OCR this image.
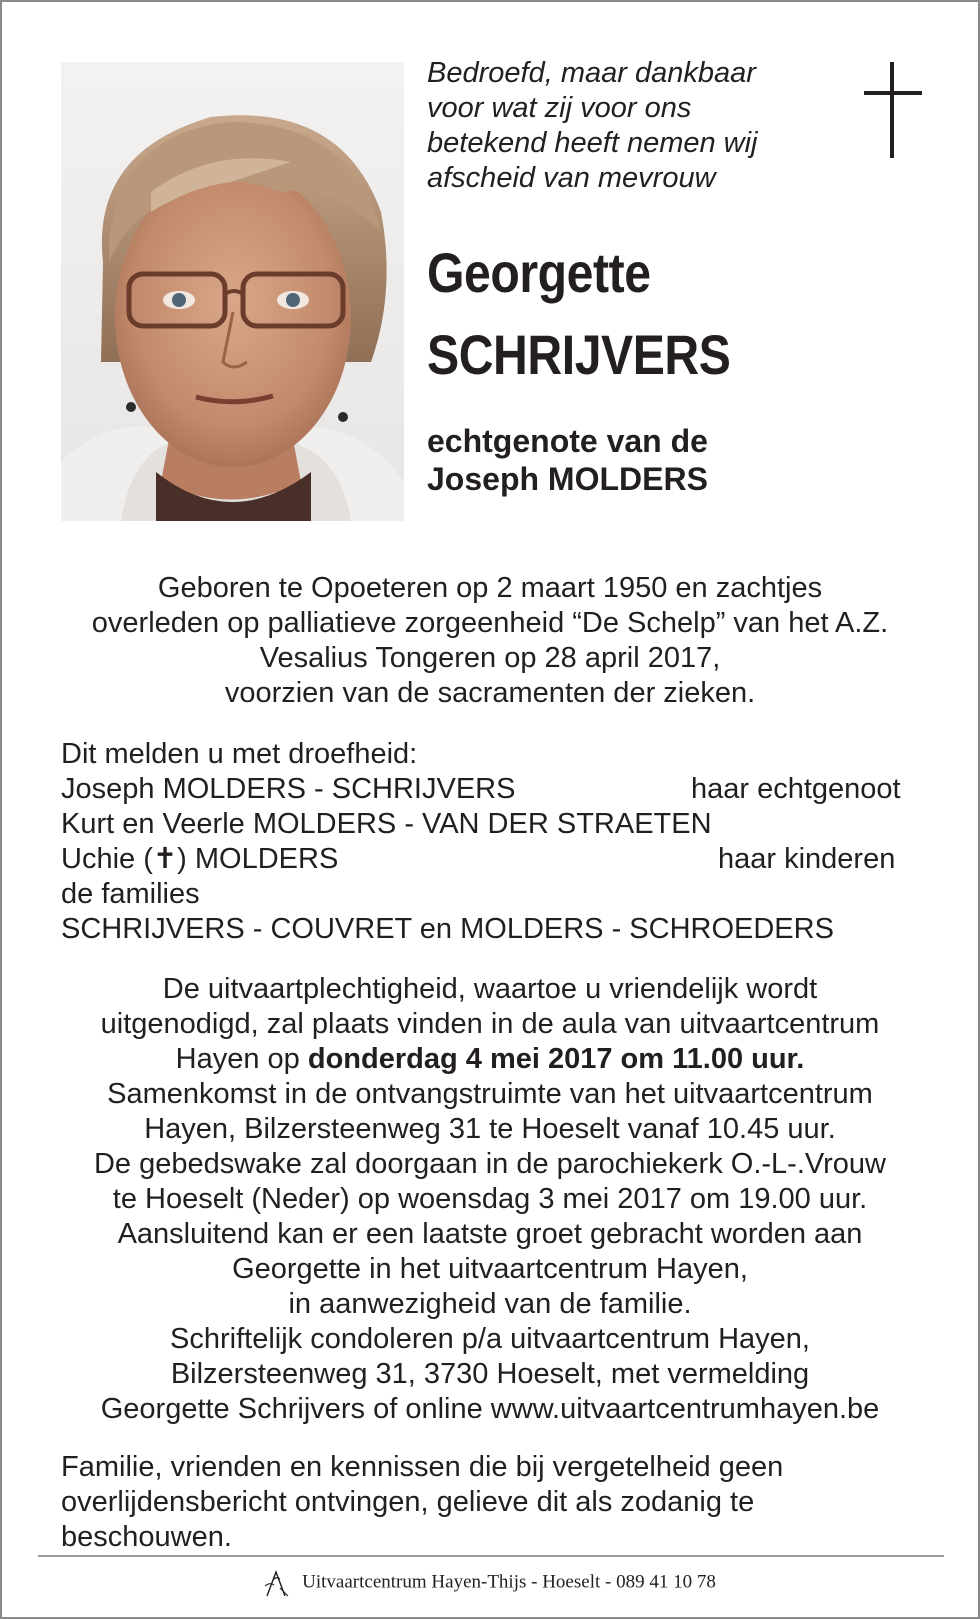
Bedroefd, maar dankbaar
voor wat zij voor ons
betekend heeft nemen wij
afscheid van mevrouw
Georgette
SCHRIJVERS
echtgenote van de
Joseph MOLDERS
Geboren te Opoeteren op 2 maart 1950 en zachtjes
overleden op palliatieve zorgeenheid “De Schelp” van het A.Z.
Vesalius Tongeren op 28 april 2017,
voorzien van de sacramenten der zieken.
Dit melden u met droefheid:
Joseph MOLDERS - SCHRIJVERS	haar echtgenoot
Kurt en Veerle MOLDERS - VAN DER STRAETEN
Uchie (✝) MOLDERS	haar kinderen
de families
SCHRIJVERS - COUVRET en MOLDERS - SCHROEDERS
De uitvaartplechtigheid, waartoe u vriendelijk wordt
uitgenodigd, zal plaats vinden in de aula van uitvaartcentrum
Hayen op donderdag 4 mei 2017 om 11.00 uur.
Samenkomst in de ontvangstruimte van het uitvaartcentrum
Hayen, Bilzersteenweg 31 te Hoeselt vanaf 10.45 uur.
De gebedswake zal doorgaan in de parochiekerk O.-L-.Vrouw
te Hoeselt (Neder) op woensdag 3 mei 2017 om 19.00 uur.
Aansluitend kan er een laatste groet gebracht worden aan
Georgette in het uitvaartcentrum Hayen,
in aanwezigheid van de familie.
Schriftelijk condoleren p/a uitvaartcentrum Hayen,
Bilzersteenweg 31, 3730 Hoeselt, met vermelding
Georgette Schrijvers of online www.uitvaartcentrumhayen.be
Familie, vrienden en kennissen die bij vergetelheid geen
overlijdensbericht ontvingen, gelieve dit als zodanig te
beschouwen.
Uitvaartcentrum Hayen-Thijs - Hoeselt - 089 41 10 78
